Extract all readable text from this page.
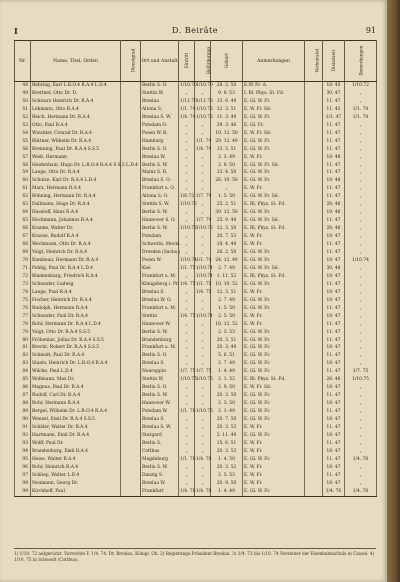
I	D. Beiräte	91
Nr.	Name, Titel, Orden	Dienstgrad	Ort und Anstalt	Eintritt	Beförderung	Geburt	Anmerkungen	Verheiratet	Dienstzeit	Bemerkungen
48	Rebring, Karl L.R.O.4 R.A.4 L.D.4		Berlin S. O.	1/10.70	1/10.70	28. 2. 50	E.W. Fr. A.		18. 45	1/10.72
49	Brettner, Otto Dr. D.		Stettin W.	„	„	9. 8. 53	I. Rl. Phys. St. Fd.		30. 47	„
50	Schwarz Heinrich Dr. R.A.4		Breslau	1/11.70	1/11.70	13. 6. 49	E. Gl. W. Fr.		11. 47	„
51	Lehmann, Otto R.A.4		Altona S.	1/1. 74	1/10.72	12. 3. 51	E. W. Fr. Sd.		11. 42	1/1. 74
52	Reich, Hermann Dr. R.A.4		Breslau S. W.	1/4. 74	1/10.72	11. 3. 49	E. Gl. W. Fr.		1/1. 47	1/1. 74
53	Otto, Paul R.A.4		Potsdam O.	„	„	29. 3. 46	E. Gl. Fr.		11. 47	„
54	Winckler, Conrad Dr. R.A.4		Posen W. B.	„	„	19. 12. 50	E. W. Fr. Sd.		11. 47	„
55	Büttner, Wilhelm Dr. R.A.4		Hamburg	„	1/1. 74	29. 12. 49	E. Gl. W. Fr.		11. 47	„
56	Brenning, Paul Dr. R.A.4 S.S.5		Berlin S. O.	„	1/4. 74	13. 5. 51	E. Gl. W. Fr.		11. 47	„
57	Weiß, Hermann		Breslau W.	„	„	2. 3. 49	E. W. Fr.		18. 48	„
58	Heidenhain, Hugo Dr. L.R.O.4 R.A.4 S.S.5 L.D.4		Berlin S. W.	„	„	2. 8. 50	E. Gl. W. Fr. Sd.		11. 47	„
59	Lange, Otto Dr. R.A.4		Mainz S. B.	„	„	13. 4. 50	E. Gl. W. Fr.		11. 47	„
60	Schulze, Karl Dr. R.A.4 L.D.4		Breslau S. O.	„	„	26. 10. 50	E. Gl. W. Fr.		18. 48	„
61	Marx, Hermann R.A.4		Frankfurt a. O.	„	„	„	E. W. Fr.		11. 47	„
62	Böhning, Hermann Dr. R.A.4		Altona S. O.	1/6.72	1/7. 74	1. 5. 50	E. Gl. W. Fr. Sd.		11. 47	„
63	Dallmann, Hugo Dr. R.A.4		Stettin S. W.	1/10.72	„	25. 2. 51	E. Rl. Phys. St. Fd.		28. 46	„
64	Haseloff, Hans R.A.4		Berlin S. W.	„	„	30. 12. 50	E. Gl. W. Fr.		19. 46	„
65	Hochmann, Johannes R.A.4		Hannover S. O.	„	1/7. 74	25. 9. 49	E. Gl. W. Fr. Sd.		11. 47	„
66	Kranke, Walter Dr.		Berlin S. W.	1/10.72	1/10.72	12. 3. 50	E. Rl. Phys. St. Fd.		28. 46	„
67	Krause, Rudolf R.A.4		Potsdam	„	„	20. 7. 53	E. W. Fr.		18. 47	„
68	Wechmann, Otto Dr. R.A.4		Schwerin, Meckl.	„	„	18. 4. 49	E. W. Fr.		11. 47	„
69	Voigt, Heinrich Dr. R.A.4		Dresden (Sachs.)	„	„	26. 2. 50	E. Gl. W. Fr.		11. 47	„
70	Rambeau, Hermann Dr. R.A.4		Posen W.	1/10.74	1/1. 74	24. 12. 49	E. Gl. W. Fr.		18. 47	1/10.74
71	Pohlig, Paul Dr. R.A.4 L.D.4		Kiel	1/1. 75	1/10.74	2. 7. 49	E. Gl. W. Fr. Sd.		30. 48	„
72	Blankenburg, Friedrich R.A.4		Frankfurt a. M.	„	1/10.74	1. 11. 52	E. Rl. Phys. St. Fd.		18. 47	„
73	Schneider, Ludwig		Königsberg i. Pr.	1/4. 75	1/1. 75	10. 10. 52	E. Gl. W. Fr.		11. 47	„
74	Lange, Paul R.A.4		Breslau S.	„	1/4. 75	12. 3. 51	E. W. Fr.		18. 47	„
75	Fischer, Heinrich Dr. R.A.4		Breslau W. O.	„	„	2. 7. 49	E. Gl. W. Fr.		18. 47	„
76	Rudolph, Hermann R.A.4		Frankfurt a. M.	„	„	1. 5. 50	E. Gl. W. Fr.		11. 47	„
77	Schneider, Paul Dr. R.A.4		Stettin	1/4. 75	1/10.74	2. 5. 50	E. W. Fr.		18. 47	„
78	Rohr, Hermann Dr. R.A.4 L.D.4		Hannover W.	„	„	18. 12. 52	E. W. Fr.		11. 47	„
79	Voigt, Otto Dr. R.A.4 S.S.5		Berlin S. W.	„	„	2. 3. 53	E. Gl. W. Fr.		11. 47	„
80	Fröbenius, Julius Dr. R.A.4 S.S.5		Brandenburg	„	„	20. 3. 51	E. Gl. W. Fr.		11. 47	„
81	Brecht, Robert Dr. R.A.4 S.S.5		Frankfurt a. M.	„	„	20. 3. 49	E. Gl. W. Fr.		18. 47	„
82	Schmidt, Paul Dr. R.A.4		Berlin S. O.	„	„	5. 6. 51	E. Gl. W. Fr.		11. 47	„
83	Staats, Heinrich Dr. L.R.O.4 R.A.4		Breslau S.	„	„	2. 7. 49	E. Gl. W. Fr.		18. 47	„
84	Wilcke, Paul L.D.4		Neuruppin	1/7. 75	1/7. 75	1. 4. 49	E. Gl. W. Fr.		11. 47	1/7. 75
85	Wollmann, Max Dr.		Stettin W.	1/10.75	1/10.75	2. 1. 52	E. Rl. Phys. St. Fd.		28. 46	1/10.75
86	Magnus, Paul Dr. R.A.4		Berlin S. O.	„	„	2. 9. 50	E. W. Fr. Sd.		18. 47	„
87	Rudolf, Carl Dr. R.A.4		Berlin S. W.	„	„	20. 3. 50	E. Gl. W. Fr.		11. 47	„
88	Rohr, Hermann R.A.4		Hannover W.	„	„	2. 3. 50	E. Gl. W. Fr.		18. 47	„
89	Bergel, Wilhelm Dr. L.R.O.4 R.A.4		Potsdam W.	1/1. 76	1/10.75	2. 1. 49	E. Gl. W. Fr.		11. 47	„
90	Wenzel, Emil Dr. R.A.4 S.S.5		Breslau S.	„	„	20. 7. 50	E. Gl. W. Fr.		18. 47	„
91	Schäfer, Walter Dr. R.A.4		Breslau S. W.	„	„	20. 3. 53	E. W. Fr.		11. 47	„
92	Hartmann, Emil Dr. R.A.4		Stargard	„	„	2. 11. 49	E. Gl. W. Fr.		18. 47	„
93	Wolff, Paul Dr.		Berlin S.	„	„	15. 6. 51	E. W. Fr.		11. 47	„
94	Brandenburg, Emil R.A.4		Cottbus	„	„	20. 3. 53	E. W. Fr.		18. 47	„
95	Heise, Walter R.A.4		Magdeburg	1/1. 76	1/4. 76	1. 4. 50	E. Gl. W. Fr.		11. 47	1/4. 76
96	Rohr, Heinrich R.A.4		Berlin S. W.	„	„	20. 3. 52	E. W. Fr.		18. 47	„
97	Schliep, Walter L.D.4		Danzig S.	„	„	2. 5. 53	E. W. Fr.		11. 47	„
98	Neumann, Georg Dr.		Breslau W.	„	„	20. 9. 50	E. W. Fr.		18. 47	„
99	Kirchhoff, Paul		Frankfurt	1/4. 76	1/4. 76	1. 4. 49	E. Gl. W. Fr.		1/4. 76	1/4. 76
1) 1/10. 72 aufgerückt. Vorrechte F. 1/4. 74. Dr. Breslau, Königl. Ob. 2) Regierungs-Präsident Breslau. 3) 1/4. 73 bis 1/10. 74 Vorsteher der Eisenbahnschule in Cassel. 4) 1/10. 75 in Schwedt (Cottbus).
